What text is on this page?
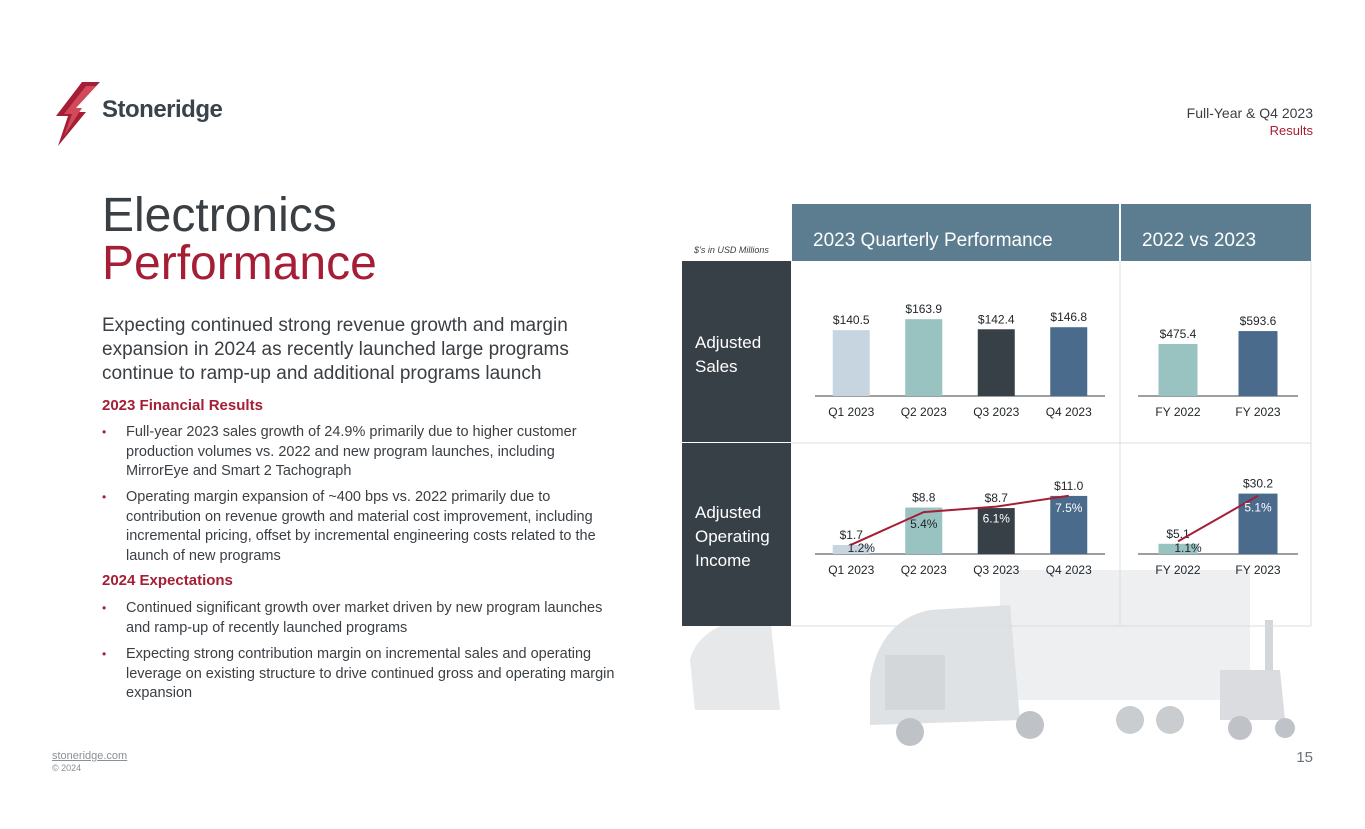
Stoneridge	Full-Year & Q4 2023
Results
Electronics
Performance
Expecting continued strong revenue growth and margin expansion in 2024 as recently launched large programs continue to ramp-up and additional programs launch
2023 Financial Results
• Full-year 2023 sales growth of 24.9% primarily due to higher customer production volumes vs. 2022 and new program launches, including MirrorEye and Smart 2 Tachograph
• Operating margin expansion of ~400 bps vs. 2022 primarily due to contribution on revenue growth and material cost improvement, including incremental pricing, offset by incremental engineering costs related to the launch of new programs
2024 Expectations
• Continued significant growth over market driven by new program launches and ramp-up of recently launched programs
• Expecting strong contribution margin on incremental sales and operating leverage on existing structure to drive continued gross and operating margin expansion
2023 Quarterly Performance	2022 vs 2023
$’s in USD Millions
Adjusted Sales
Adjusted Operating Income
$140.5
Q1 2023
$163.9
Q2 2023
$142.4
Q3 2023
$146.8
Q4 2023
$475.4
FY 2022
$593.6
FY 2023
$1.7
Q1 2023
$8.8
Q2 2023
$8.7
Q3 2023
$11.0
Q4 2023
1.2%
5.4%	6.1%
7.5%
$5.1
FY 2022
$30.2
FY 2023
1.1%
5.1%
stoneridge.com
© 2024
15
